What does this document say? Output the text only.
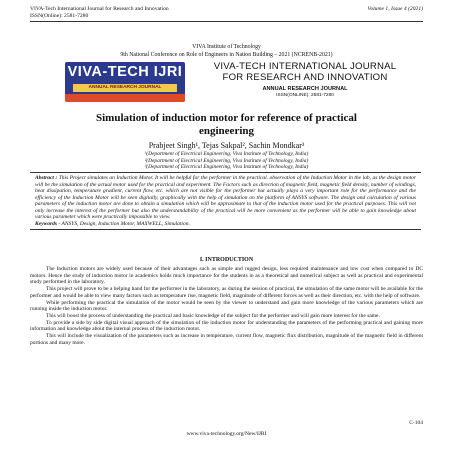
VIVA-Tech International Journal for Research and Innovation
ISSN(Online): 2581-7280
Volume 1, Issue 4 (2021)
VIVA Institute of Technology
9th National Conference on Role of Engineers in Nation Building – 2021 (NCRENB-2021)
VIVA-TECH IJRI
ANNUAL RESEARCH JOURNAL
VIVA-TECH INTERNATIONAL JOURNAL
FOR RESEARCH AND INNOVATION
ANNUAL RESEARCH JOURNAL
ISSN(ONLINE): 2581-7280
Simulation of induction motor for reference of practical
engineering
Prabjeet Singh¹, Tejas Sakpal², Sachin Mondkar³
¹(Department of Electrical Engineering, Viva Institute of Technology, India)
²(Department of Electrical Engineering, Viva Institute of Technology, India)
³(Department of Electrical Engineering, Viva Institute of Technology, India)
Abstract : This Project simulates an Induction Motor. It will be helpful for the performer in the practical. observation of the Induction Motor in the lab, as the design motor will be the simulation of the actual motor used for the practical and experiment. The Factors such as direction of magnetic field, magnetic field density, number of windings, heat dissipation, temperature gradient, current flow, etc. which are not visible for the performer but actually plays a very important role for the performance and the efficiency of the Induction Motor will be seen digitally, graphically with the help of simulation on the platform of ANSYS software. The design and calculation of various parameters of the induction motor are done to obtain a simulation which will be approximate to that of the induction motor used for the practical purposes. This will not only increase the interest of the performer but also the understandability of the practical will be more convenient as the performer will be able to gain knowledge about various parameter which were practically impossible to view.
Keywords - ANSYS, Design, Induction Motor, MAXWELL, Simulation.
I. INTRODUCTION

The Induction motors are widely used because of their advantages such as simple and rugged design, less required maintenance and low cost when compared to DC motors. Hence the study of induction motor in academics holds much importance for the students in as a theoretical and numerical subject as well as practical and experimental study performed in the laboratory.

This project will prove to be a helping hand for the performer in the laboratory, as during the session of practical, the simulation of the same motor will be available for the performer and would be able to view many factors such as temperature rise, magnetic field, magnitude of different forces as well as their direction, etc. with the help of software.

While performing the practical the simulation of the motor would be seen by the viewer to understand and gain more knowledge of the various parameters which are running inside the induction motor.

This will boost the process of understanding the practical and basic knowledge of the subject for the performer and will gain more interest for the same.

To provide a side by side digital visual approach of the simulation of the induction motor for understanding the parameters of the performing practical and gaining more information and knowledge about the internal process of the induction motor.

This will include the visualization of the parameters such as increase in temperature, current flow, magnetic flux distribution, magnitude of the magnetic field in different portions and many more.

C-104
www.viva-technology.org/New/IJRI
